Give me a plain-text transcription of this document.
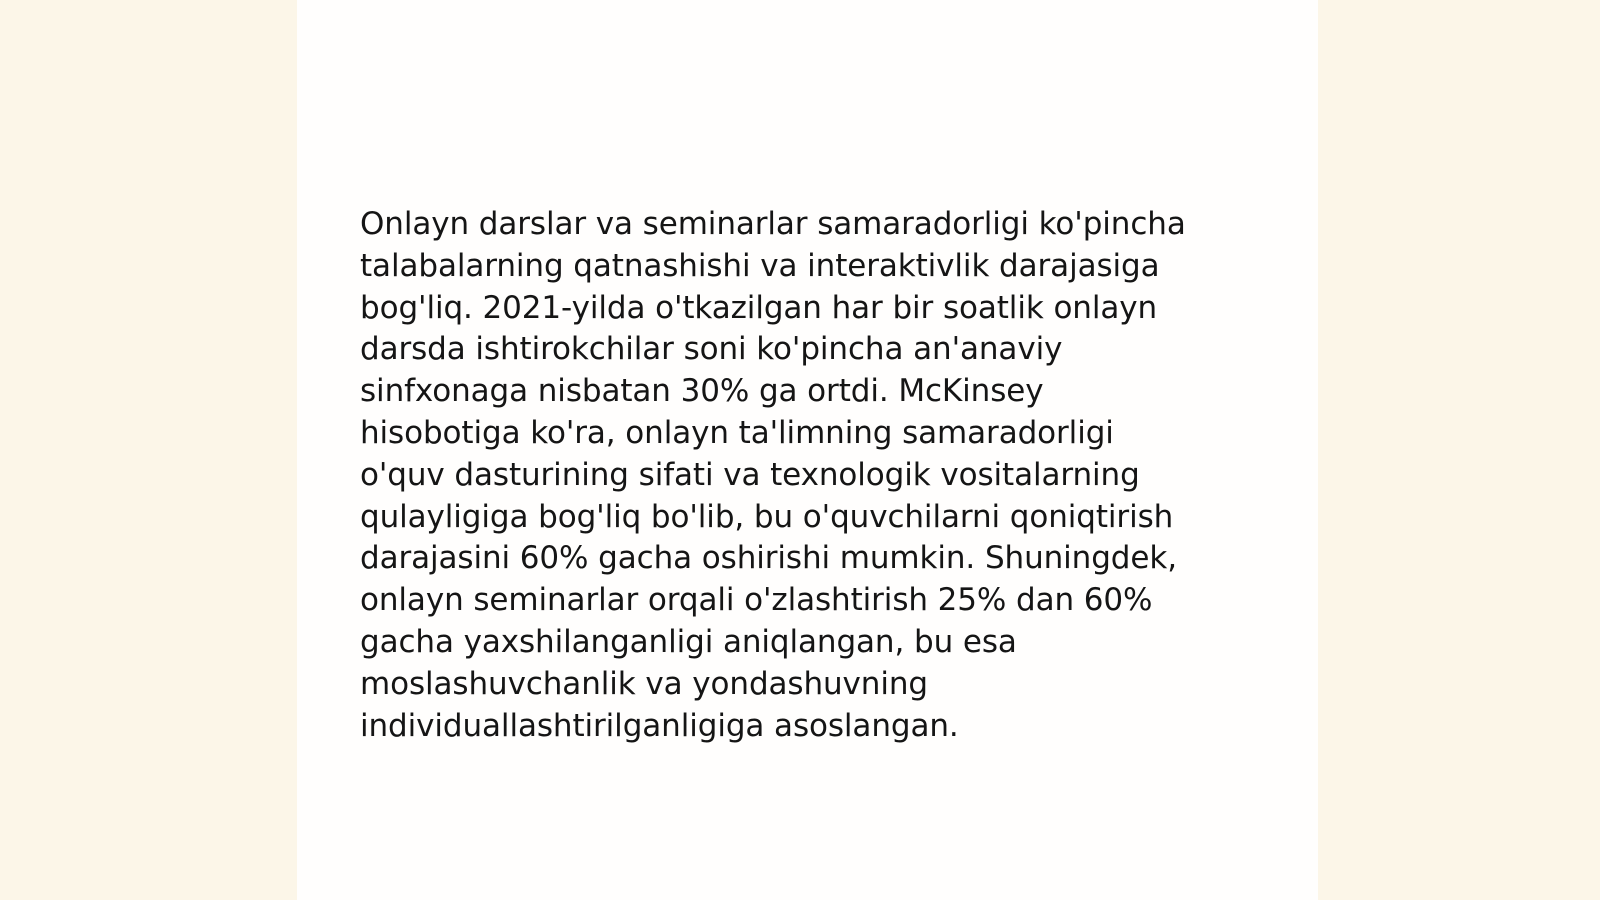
Onlayn darslar va seminarlar samaradorligi ko'pincha
talabalarning qatnashishi va interaktivlik darajasiga
bog'liq. 2021-yilda o'tkazilgan har bir soatlik onlayn
darsda ishtirokchilar soni ko'pincha an'anaviy
sinfxonaga nisbatan 30% ga ortdi. McKinsey
hisobotiga ko'ra, onlayn ta'limning samaradorligi
o'quv dasturining sifati va texnologik vositalarning
qulayligiga bog'liq bo'lib, bu o'quvchilarni qoniqtirish
darajasini 60% gacha oshirishi mumkin. Shuningdek,
onlayn seminarlar orqali o'zlashtirish 25% dan 60%
gacha yaxshilanganligi aniqlangan, bu esa
moslashuvchanlik va yondashuvning
individuallashtirilganligiga asoslangan.
